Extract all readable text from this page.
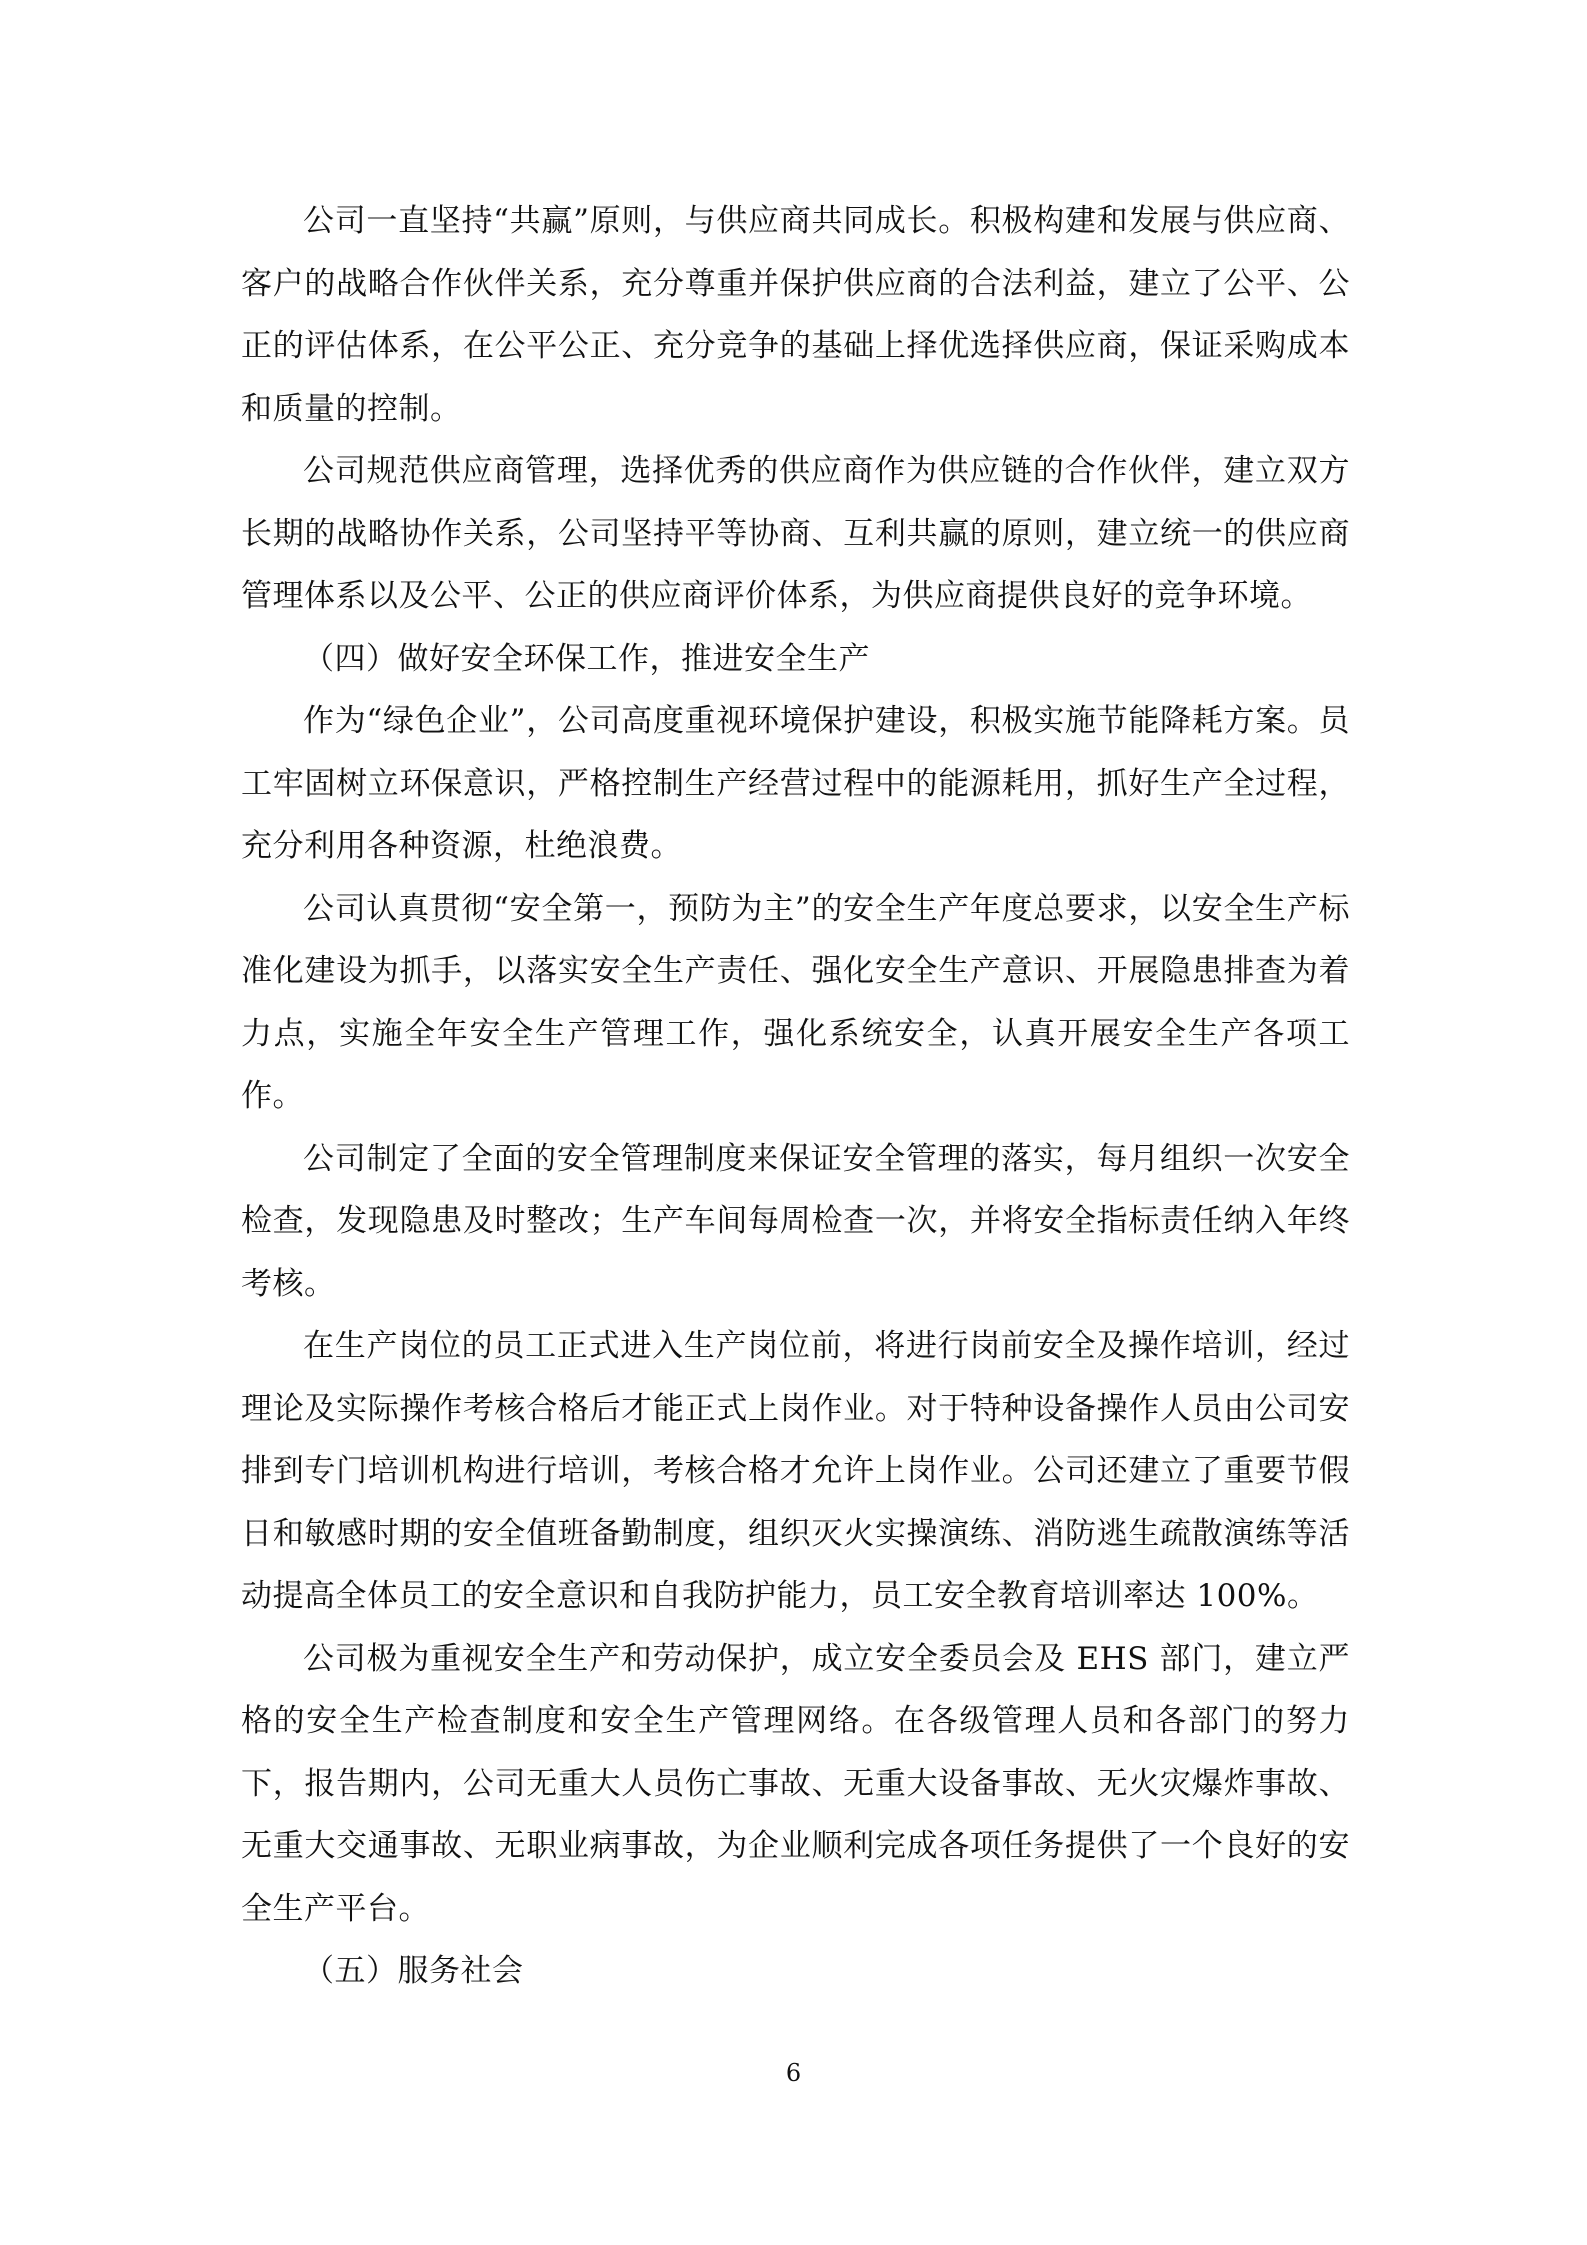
公司一直坚持“共赢”原则，与供应商共同成长。积极构建和发展与供应商、客户的战略合作伙伴关系，充分尊重并保护供应商的合法利益，建立了公平、公正的评估体系，在公平公正、充分竞争的基础上择优选择供应商，保证采购成本和质量的控制。

公司规范供应商管理，选择优秀的供应商作为供应链的合作伙伴，建立双方长期的战略协作关系，公司坚持平等协商、互利共赢的原则，建立统一的供应商管理体系以及公平、公正的供应商评价体系，为供应商提供良好的竞争环境。

（四）做好安全环保工作，推进安全生产

作为“绿色企业”，公司高度重视环境保护建设，积极实施节能降耗方案。员工牢固树立环保意识，严格控制生产经营过程中的能源耗用，抓好生产全过程，充分利用各种资源，杜绝浪费。

公司认真贯彻“安全第一，预防为主”的安全生产年度总要求，以安全生产标准化建设为抓手，以落实安全生产责任、强化安全生产意识、开展隐患排查为着力点，实施全年安全生产管理工作，强化系统安全，认真开展安全生产各项工作。

公司制定了全面的安全管理制度来保证安全管理的落实，每月组织一次安全检查，发现隐患及时整改；生产车间每周检查一次，并将安全指标责任纳入年终考核。

在生产岗位的员工正式进入生产岗位前，将进行岗前安全及操作培训，经过理论及实际操作考核合格后才能正式上岗作业。对于特种设备操作人员由公司安排到专门培训机构进行培训，考核合格才允许上岗作业。公司还建立了重要节假日和敏感时期的安全值班备勤制度，组织灭火实操演练、消防逃生疏散演练等活动提高全体员工的安全意识和自我防护能力，员工安全教育培训率达 100%。

公司极为重视安全生产和劳动保护，成立安全委员会及 EHS 部门，建立严格的安全生产检查制度和安全生产管理网络。在各级管理人员和各部门的努力下，报告期内，公司无重大人员伤亡事故、无重大设备事故、无火灾爆炸事故、无重大交通事故、无职业病事故，为企业顺利完成各项任务提供了一个良好的安全生产平台。

（五）服务社会

6
